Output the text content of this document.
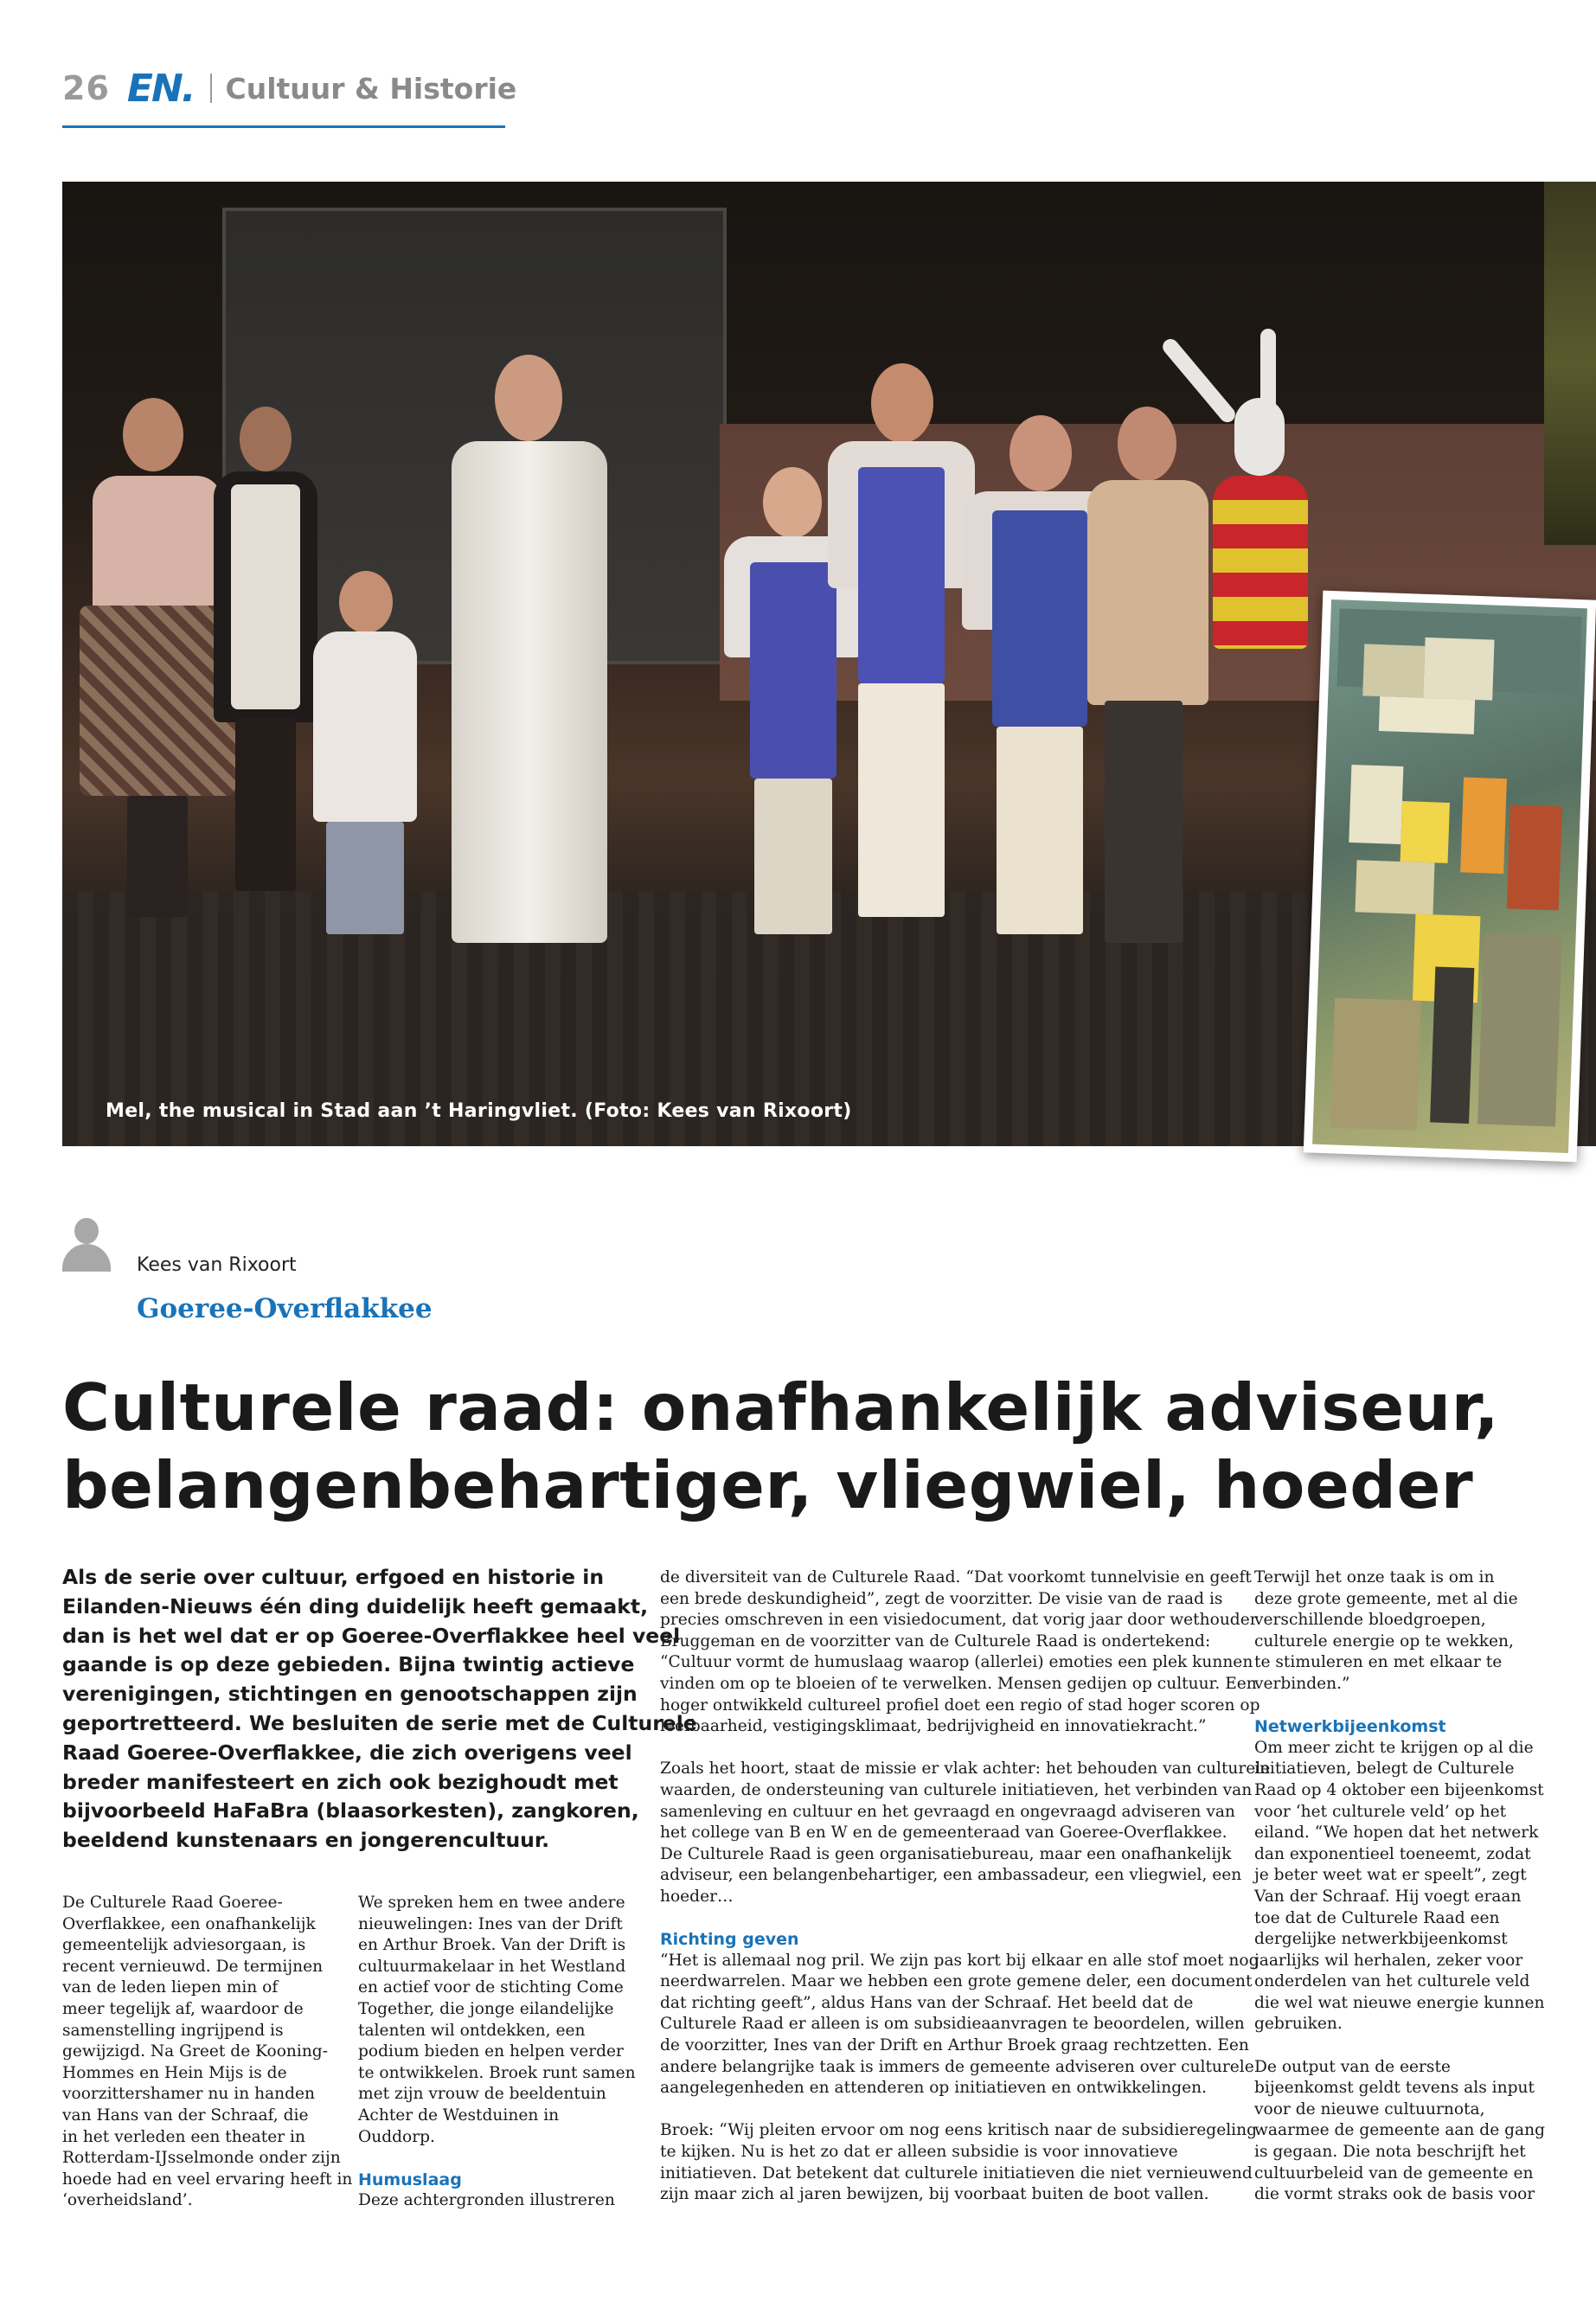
26 EN. Cultuur & Historie
Mel, the musical in Stad aan ’t Haringvliet. (Foto: Kees van Rixoort)
Kees van Rixoort
Goeree-Overflakkee
Culturele raad: onafhankelijk adviseur,
belangenbehartiger, vliegwiel, hoeder
Als de serie over cultuur, erfgoed en historie in
Eilanden-Nieuws één ding duidelijk heeft gemaakt,
dan is het wel dat er op Goeree-Overflakkee heel veel
gaande is op deze gebieden. Bijna twintig actieve
verenigingen, stichtingen en genootschappen zijn
geportretteerd. We besluiten de serie met de Culturele
Raad Goeree-Overflakkee, die zich overigens veel
breder manifesteert en zich ook bezighoudt met
bijvoorbeeld HaFaBra (blaasorkesten), zangkoren,
beeldend kunstenaars en jongerencultuur.
De Culturele Raad Goeree-
Overflakkee, een onafhankelijk
gemeentelijk adviesorgaan, is
recent vernieuwd. De termijnen
van de leden liepen min of
meer tegelijk af, waardoor de
samenstelling ingrijpend is
gewijzigd. Na Greet de Kooning-
Hommes en Hein Mijs is de
voorzittershamer nu in handen
van Hans van der Schraaf, die
in het verleden een theater in
Rotterdam-IJsselmonde onder zijn
hoede had en veel ervaring heeft in
‘overheidsland’.
We spreken hem en twee andere
nieuwelingen: Ines van der Drift
en Arthur Broek. Van der Drift is
cultuurmakelaar in het Westland
en actief voor de stichting Come
Together, die jonge eilandelijke
talenten wil ontdekken, een
podium bieden en helpen verder
te ontwikkelen. Broek runt samen
met zijn vrouw de beeldentuin
Achter de Westduinen in
Ouddorp.
Humuslaag
Deze achtergronden illustreren
de diversiteit van de Culturele Raad. “Dat voorkomt tunnelvisie en geeft
een brede deskundigheid”, zegt de voorzitter. De visie van de raad is
precies omschreven in een visiedocument, dat vorig jaar door wethouder
Bruggeman en de voorzitter van de Culturele Raad is ondertekend:
“Cultuur vormt de humuslaag waarop (allerlei) emoties een plek kunnen
vinden om op te bloeien of te verwelken. Mensen gedijen op cultuur. Een
hoger ontwikkeld cultureel profiel doet een regio of stad hoger scoren op
leefbaarheid, vestigingsklimaat, bedrijvigheid en innovatiekracht.”
Zoals het hoort, staat de missie er vlak achter: het behouden van culturele
waarden, de ondersteuning van culturele initiatieven, het verbinden van
samenleving en cultuur en het gevraagd en ongevraagd adviseren van
het college van B en W en de gemeenteraad van Goeree-Overflakkee.
De Culturele Raad is geen organisatiebureau, maar een onafhankelijk
adviseur, een belangenbehartiger, een ambassadeur, een vliegwiel, een
hoeder…
Richting geven
“Het is allemaal nog pril. We zijn pas kort bij elkaar en alle stof moet nog
neerdwarrelen. Maar we hebben een grote gemene deler, een document
dat richting geeft”, aldus Hans van der Schraaf. Het beeld dat de
Culturele Raad er alleen is om subsidieaanvragen te beoordelen, willen
de voorzitter, Ines van der Drift en Arthur Broek graag rechtzetten. Een
andere belangrijke taak is immers de gemeente adviseren over culturele
aangelegenheden en attenderen op initiatieven en ontwikkelingen.
Broek: “Wij pleiten ervoor om nog eens kritisch naar de subsidieregeling
te kijken. Nu is het zo dat er alleen subsidie is voor innovatieve
initiatieven. Dat betekent dat culturele initiatieven die niet vernieuwend
zijn maar zich al jaren bewijzen, bij voorbaat buiten de boot vallen.
Terwijl het onze taak is om in
deze grote gemeente, met al die
verschillende bloedgroepen,
culturele energie op te wekken,
te stimuleren en met elkaar te
verbinden.”
Netwerkbijeenkomst
Om meer zicht te krijgen op al die
initiatieven, belegt de Culturele
Raad op 4 oktober een bijeenkomst
voor ‘het culturele veld’ op het
eiland. “We hopen dat het netwerk
dan exponentieel toeneemt, zodat
je beter weet wat er speelt”, zegt
Van der Schraaf. Hij voegt eraan
toe dat de Culturele Raad een
dergelijke netwerkbijeenkomst
jaarlijks wil herhalen, zeker voor
onderdelen van het culturele veld
die wel wat nieuwe energie kunnen
gebruiken.
De output van de eerste
bijeenkomst geldt tevens als input
voor de nieuwe cultuurnota,
waarmee de gemeente aan de gang
is gegaan. Die nota beschrijft het
cultuurbeleid van de gemeente en
die vormt straks ook de basis voor
